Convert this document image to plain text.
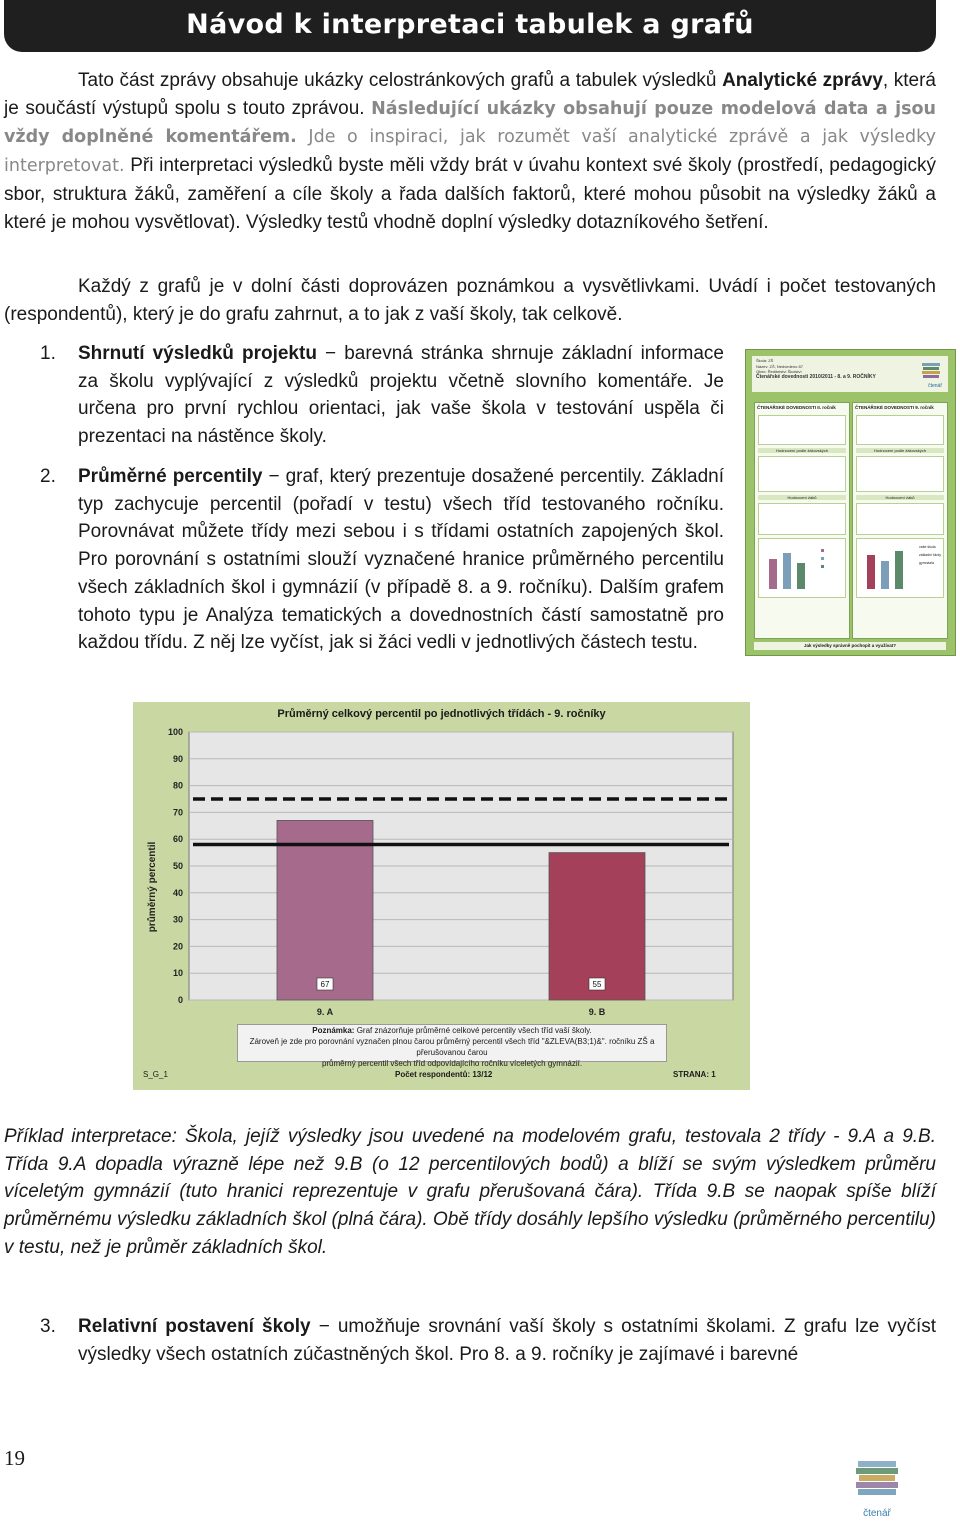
Návod k interpretaci tabulek a grafů
Tato část zprávy obsahuje ukázky celostránkových grafů a tabulek výsledků Analytické zprávy, která je součástí výstupů spolu s touto zprávou. Následující ukázky obsahují pouze modelová data a jsou vždy doplněné komentářem. Jde o inspiraci, jak rozumět vaší analytické zprávě a jak výsledky interpretovat. Při interpretaci výsledků byste měli vždy brát v úvahu kontext své školy (prostředí, pedagogický sbor, struktura žáků, zaměření a cíle školy a řada dalších faktorů, které mohou působit na výsledky žáků a které je mohou vysvětlovat). Výsledky testů vhodně doplní výsledky dotazníkového šetření.
Každý z grafů je v dolní části doprovázen poznámkou a vysvětlivkami. Uvádí i počet testovaných (respondentů), který je do grafu zahrnut, a to jak z vaší školy, tak celkově.
1. Shrnutí výsledků projektu − barevná stránka shrnuje základní informace za školu vyplývající z výsledků projektu včetně slovního komentáře. Je určena pro první rychlou orientaci, jak vaše škola v testování uspěla či prezentaci na nástěnce školy.
2. Průměrné percentily − graf, který prezentuje dosažené percentily. Základní typ zachycuje percentil (pořadí v testu) všech tříd testovaného ročníku. Porovnávat můžete třídy mezi sebou i s třídami ostatních zapojených škol. Pro porovnání s ostatními slouží vyznačené hranice průměrného percentilu všech základních škol i gymnázií (v případě 8. a 9. ročníku). Dalším grafem tohoto typu je Analýza tematických a dovednostních částí samostatně pro každou třídu. Z něj lze vyčíst, jak si žáci vedli v jednotlivých částech testu.
Škola: ZŠ
Název: ZŠ, Nedvedeno 87
Obec: Ředitelství Školství
Čtenářské dovednosti 2010/2011 - 8. a 9. ROČNÍKY
čtenář
ČTENÁŘSKÉ DOVEDNOSTI II. ročník
Hodnocení podle žákovských
Hodnocení žáků
ČTENÁŘSKÉ DOVEDNOSTI 9. ročník
Hodnocení podle žákovských
Hodnocení žáků
vaše škola
základní školy
gymnázia
Jak výsledky správně pochopit a využívat?
Průměrný celkový percentil po jednotlivých třídách - 9. ročníky
průměrný percentil
0
10
20
30
40
50
60
70
80
90
100
67
9. A
55
9. B
Poznámka: Graf znázorňuje průměrné celkové percentily všech tříd vaší školy.
Zároveň je zde pro porovnání vyznačen plnou čarou průměrný percentil všech tříd "&ZLEVA(B3;1)&". ročníku ZŠ a přerušovanou čarou
průměrný percentil všech tříd odpovídajícího ročníku víceletých gymnázií.
S_G_1	Počet respondentů: 13/12	STRANA: 1
Příklad interpretace: Škola, jejíž výsledky jsou uvedené na modelovém grafu, testovala 2 třídy - 9.A a 9.B. Třída 9.A dopadla výrazně lépe než 9.B (o 12 percentilových bodů) a blíží se svým výsledkem průměru víceletým gymnázií (tuto hranici reprezentuje v grafu přerušovaná čára). Třída 9.B se naopak spíše blíží průměrnému výsledku základních škol (plná čára). Obě třídy dosáhly lepšího výsledku (průměrného percentilu) v testu, než je průměr základních škol.
3. Relativní postavení školy − umožňuje srovnání vaší školy s ostatními školami. Z grafu lze vyčíst výsledky všech ostatních zúčastněných škol. Pro 8. a 9. ročníky je zajímavé i barevné
19
čtenář
